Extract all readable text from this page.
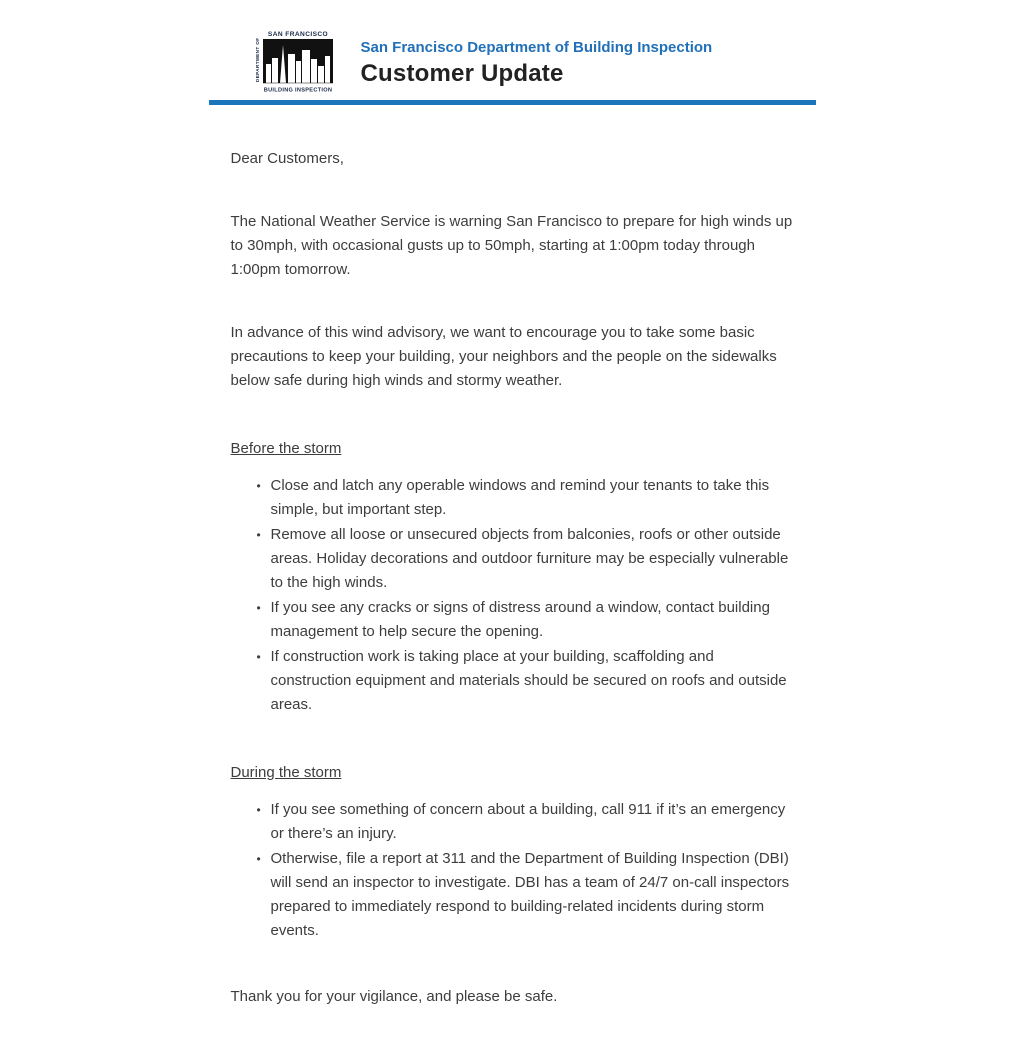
SAN FRANCISCO
DEPARTMENT OF
BUILDING INSPECTION
San Francisco Department of Building Inspection
Customer Update

Dear Customers,

The National Weather Service is warning San Francisco to prepare for high winds up to 30mph, with occasional gusts up to 50mph, starting at 1:00pm today through 1:00pm tomorrow.

In advance of this wind advisory, we want to encourage you to take some basic precautions to keep your building, your neighbors and the people on the sidewalks below safe during high winds and stormy weather.

Before the storm
• Close and latch any operable windows and remind your tenants to take this simple, but important step.
• Remove all loose or unsecured objects from balconies, roofs or other outside areas. Holiday decorations and outdoor furniture may be especially vulnerable to the high winds.
• If you see any cracks or signs of distress around a window, contact building management to help secure the opening.
• If construction work is taking place at your building, scaffolding and construction equipment and materials should be secured on roofs and outside areas.
During the storm
• If you see something of concern about a building, call 911 if it’s an emergency or there’s an injury.
• Otherwise, file a report at 311 and the Department of Building Inspection (DBI) will send an inspector to investigate. DBI has a team of 24/7 on-call inspectors prepared to immediately respond to building-related incidents during storm events.

Thank you for your vigilance, and please be safe.
